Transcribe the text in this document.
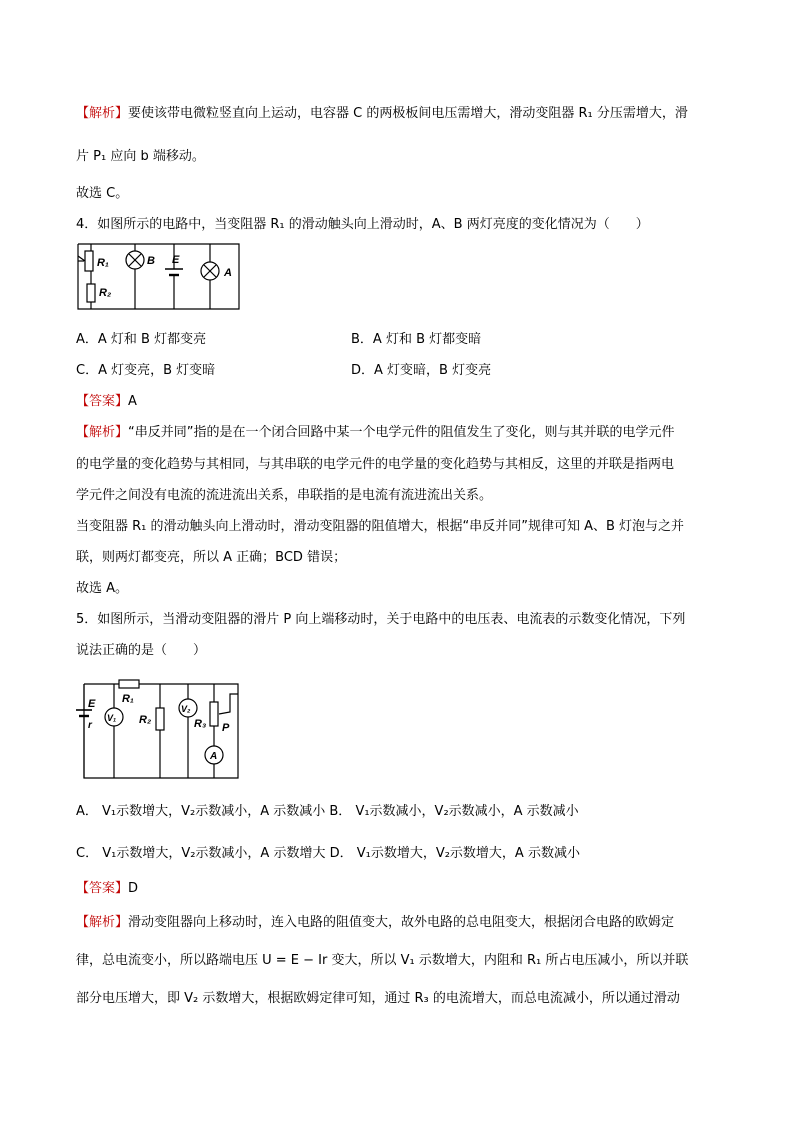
【解析】要使该带电微粒竖直向上运动，电容器 C 的两极板间电压需增大，滑动变阻器 R₁ 分压需增大，滑
片 P₁ 应向 b 端移动。
故选 C。
4．如图所示的电路中，当变阻器 R₁ 的滑动触头向上滑动时，A、B 两灯亮度的变化情况为（　　）
R₁
R₂
B E
A
A．A 灯和 B 灯都变亮	B．A 灯和 B 灯都变暗
C．A 灯变亮，B 灯变暗	D．A 灯变暗，B 灯变亮
【答案】A
【解析】“串反并同”指的是在一个闭合回路中某一个电学元件的阻值发生了变化，则与其并联的电学元件
的电学量的变化趋势与其相同，与其串联的电学元件的电学量的变化趋势与其相反，这里的并联是指两电
学元件之间没有电流的流进流出关系，串联指的是电流有流进流出关系。
当变阻器 R₁ 的滑动触头向上滑动时，滑动变阻器的阻值增大，根据“串反并同”规律可知 A、B 灯泡与之并
联，则两灯都变亮，所以 A 正确；BCD 错误；
故选 A。
5．如图所示，当滑动变阻器的滑片 P 向上端移动时，关于电路中的电压表、电流表的示数变化情况，下列
说法正确的是（　　）
E
r
R₁
V₁ R₂
V₂
R₃ P
A
A． V₁示数增大，V₂示数减小，A 示数减小 B． V₁示数减小，V₂示数减小，A 示数减小
C． V₁示数增大，V₂示数减小，A 示数增大 D． V₁示数增大，V₂示数增大，A 示数减小
【答案】D
【解析】滑动变阻器向上移动时，连入电路的阻值变大，故外电路的总电阻变大，根据闭合电路的欧姆定
律，总电流变小，所以路端电压 U = E − Ir 变大，所以 V₁ 示数增大，内阻和 R₁ 所占电压减小，所以并联
部分电压增大，即 V₂ 示数增大，根据欧姆定律可知，通过 R₃ 的电流增大，而总电流减小，所以通过滑动
